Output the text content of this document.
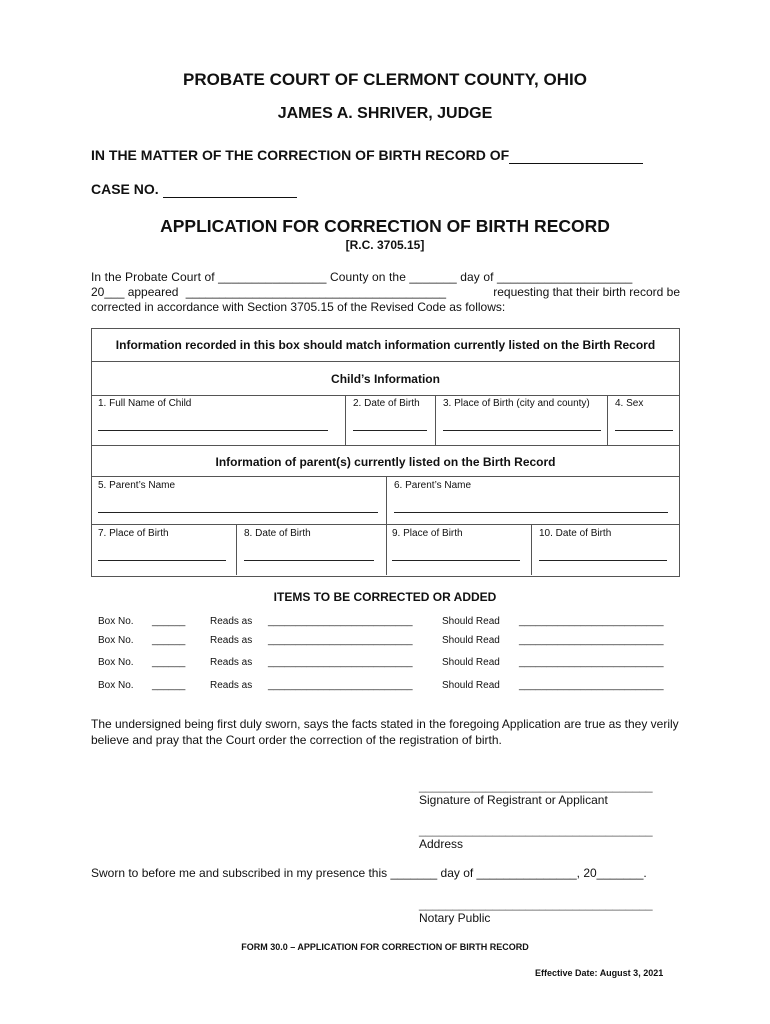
PROBATE COURT OF CLERMONT COUNTY, OHIO
JAMES A. SHRIVER, JUDGE
IN THE MATTER OF THE CORRECTION OF BIRTH RECORD OF
CASE NO.
APPLICATION FOR CORRECTION OF BIRTH RECORD
[R.C. 3705.15]
In the Probate Court of ________________ County on the _______ day of ____________________
20___ appeared _______________________________________	requesting that their birth record be
corrected in accordance with Section 3705.15 of the Revised Code as follows:
Information recorded in this box should match information currently listed on the Birth Record
Child’s Information
1. Full Name of Child	2. Date of Birth 3. Place of Birth (city and county)	4. Sex
Information of parent(s) currently listed on the Birth Record
5. Parent’s Name	6. Parent’s Name
7. Place of Birth	8. Date of Birth	9. Place of Birth	10. Date of Birth
ITEMS TO BE CORRECTED OR ADDED
Box No. ______ Reads as __________________________	Should Read __________________________
Box No. ______ Reads as __________________________	Should Read __________________________
Box No. ______ Reads as __________________________	Should Read __________________________
Box No. ______ Reads as __________________________	Should Read __________________________
The undersigned being first duly sworn, says the facts stated in the foregoing Application are true as they verily believe and pray that the Court order the correction of the registration of birth.
___________________________________
Signature of Registrant or Applicant
___________________________________
Address
Sworn to before me and subscribed in my presence this _______ day of _______________, 20_______.
___________________________________
Notary Public
FORM 30.0 – APPLICATION FOR CORRECTION OF BIRTH RECORD
Effective Date: August 3, 2021
